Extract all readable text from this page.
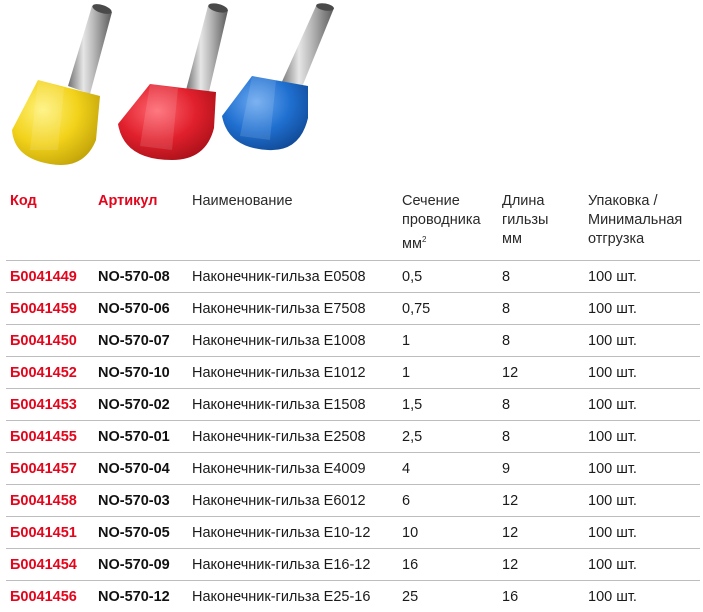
Код	Артикул	Наименование	Сечение
проводника
$мм^2$	Длина
гильзы
мм	Упаковка /
Минимальная
отгрузка
Б0041449	NO-570-08	Наконечник-гильза E0508	0,5	8	100 шт.
Б0041459	NO-570-06	Наконечник-гильза E7508	0,75	8	100 шт.
Б0041450	NO-570-07	Наконечник-гильза E1008	1	8	100 шт.
Б0041452	NO-570-10	Наконечник-гильза E1012	1	12	100 шт.
Б0041453	NO-570-02	Наконечник-гильза E1508	1,5	8	100 шт.
Б0041455	NO-570-01	Наконечник-гильза E2508	2,5	8	100 шт.
Б0041457	NO-570-04	Наконечник-гильза E4009	4	9	100 шт.
Б0041458	NO-570-03	Наконечник-гильза E6012	6	12	100 шт.
Б0041451	NO-570-05	Наконечник-гильза E10-12	10	12	100 шт.
Б0041454	NO-570-09	Наконечник-гильза E16-12	16	12	100 шт.
Б0041456	NO-570-12	Наконечник-гильза E25-16	25	16	100 шт.
